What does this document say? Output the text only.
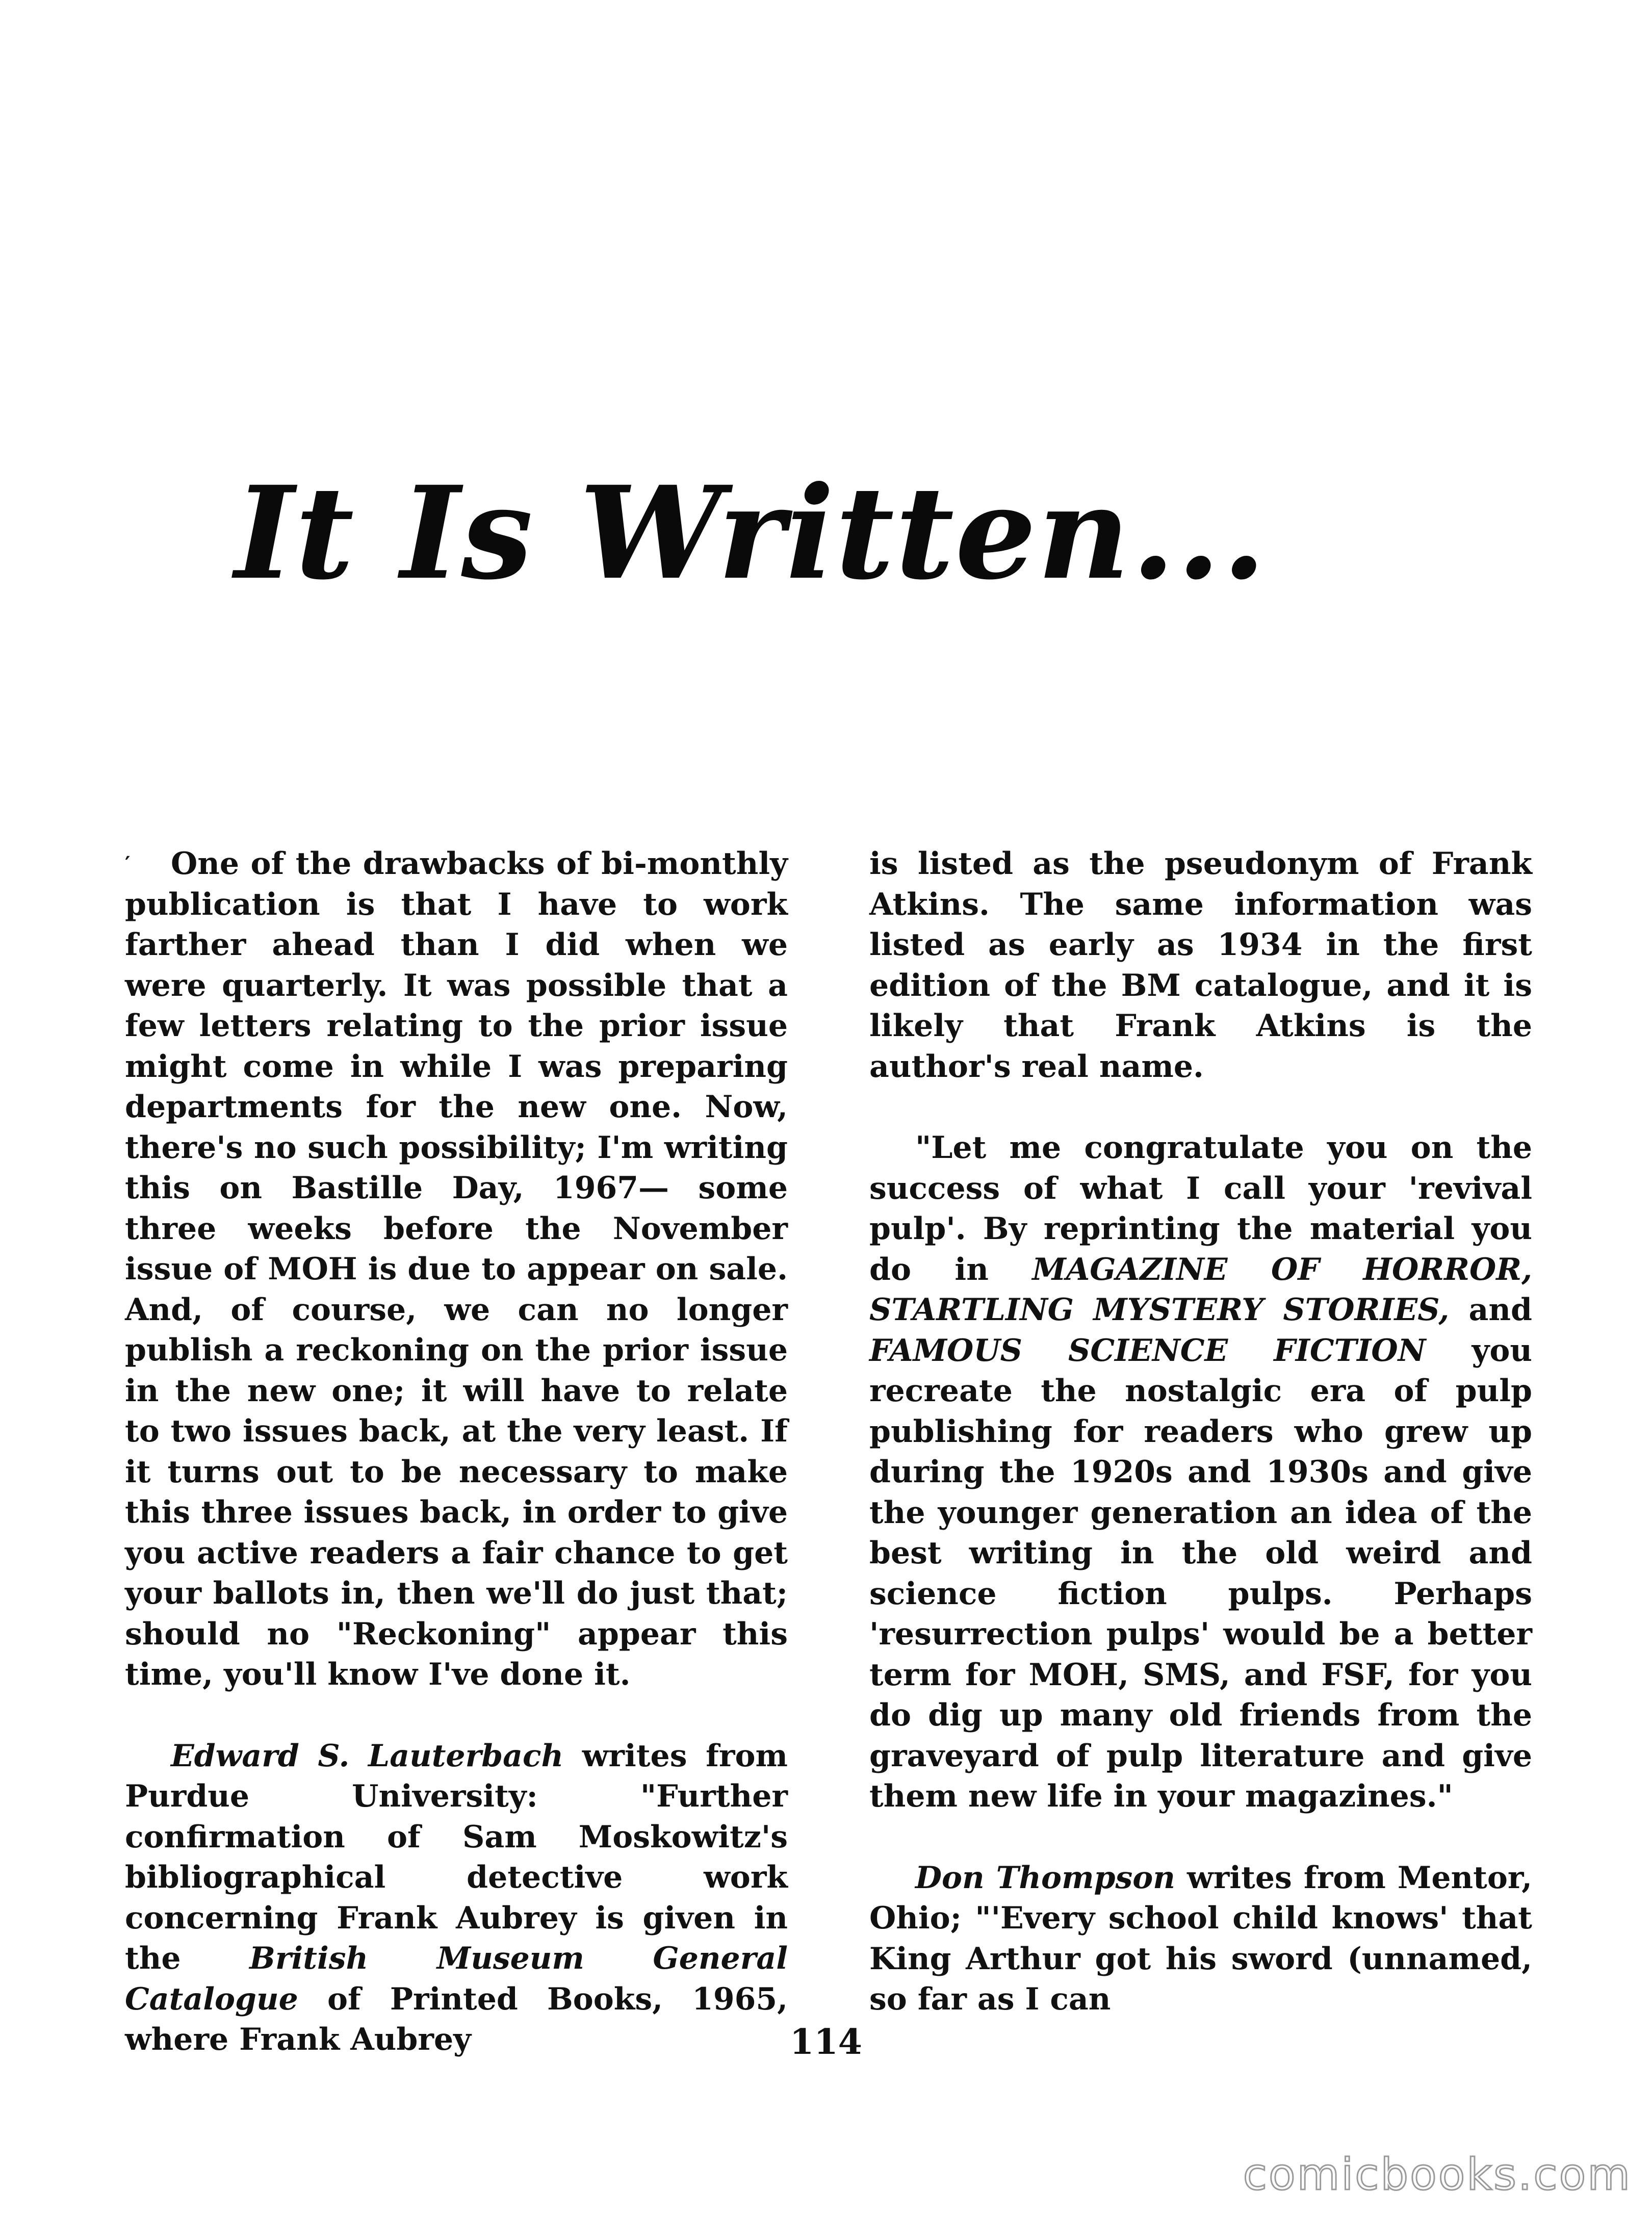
It Is Written...

′ One of the drawbacks of bi-monthly publication is that I have to work farther ahead than I did when we were quarterly. It was possible that a few letters relating to the prior issue might come in while I was preparing departments for the new one. Now, there's no such possibility; I'm writing this on Bastille Day, 1967— some three weeks before the November issue of MOH is due to appear on sale. And, of course, we can no longer publish a reckoning on the prior issue in the new one; it will have to relate to two issues back, at the very least. If it turns out to be necessary to make this three issues back, in order to give you active readers a fair chance to get your ballots in, then we'll do just that; should no "Reckoning" appear this time, you'll know I've done it.

Edward S. Lauterbach writes from Purdue University: "Further confirmation of Sam Moskowitz's bibliographical detective work concerning Frank Aubrey is given in the British Museum General Catalogue of Printed Books, 1965, where Frank Aubrey

is listed as the pseudonym of Frank Atkins. The same information was listed as early as 1934 in the first edition of the BM catalogue, and it is likely that Frank Atkins is the author's real name.

"Let me congratulate you on the success of what I call your 'revival pulp'. By reprinting the material you do in MAGAZINE OF HORROR, STARTLING MYSTERY STORIES, and FAMOUS SCIENCE FICTION you recreate the nostalgic era of pulp publishing for readers who grew up during the 1920s and 1930s and give the younger generation an idea of the best writing in the old weird and science fiction pulps. Perhaps 'resurrection pulps' would be a better term for MOH, SMS, and FSF, for you do dig up many old friends from the graveyard of pulp literature and give them new life in your magazines."

Don Thompson writes from Mentor, Ohio; "'Every school child knows' that King Arthur got his sword (unnamed, so far as I can

114
comicbooks.com
